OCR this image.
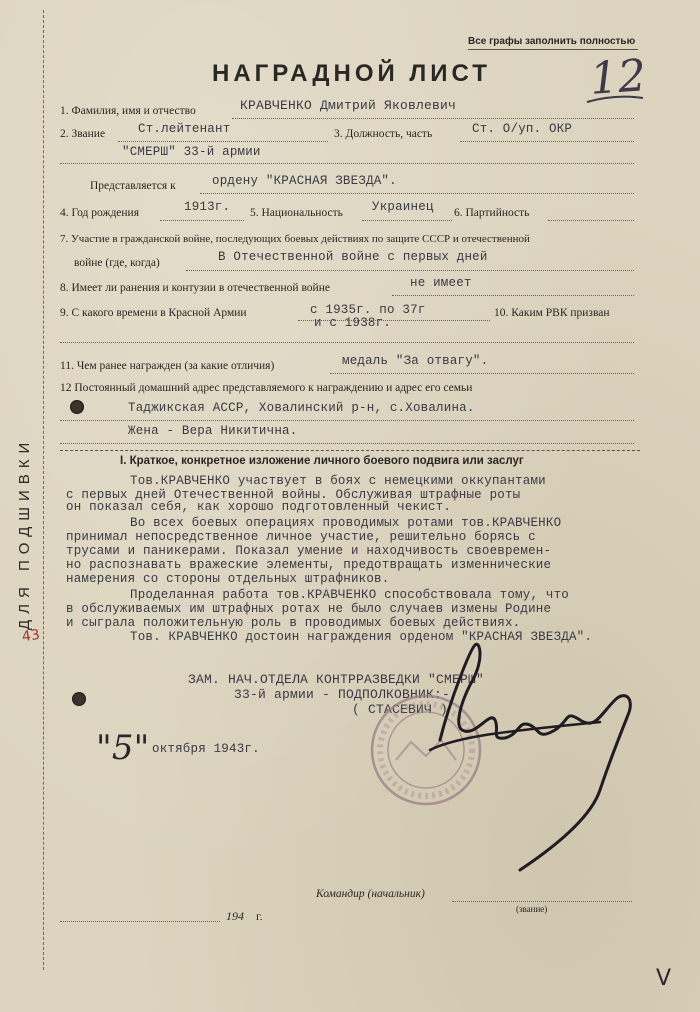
ДЛЯ ПОДШИВКИ
43
Все графы заполнить полностью
НАГРАДНОЙ ЛИСТ 12
1. Фамилия, имя и отчество	КРАВЧЕНКО Дмитрий Яковлевич
2. Звание	Ст.лейтенант	3. Должность, часть	Ст. О/уп. ОКР
"СМЕРШ" 33-й армии
Представляется к	ордену "КРАСНАЯ ЗВЕЗДА".
4. Год рождения	1913г. 5. Национальность Украинец 6. Партийность
7. Участие в гражданской войне, последующих боевых действиях по защите СССР и отечественной
войне (где, когда)	В Отечественной войне с первых дней
8. Имеет ли ранения и контузии в отечественной войне	не имеет
9. С какого времени в Красной Армии	с 1935г. по 37г
и с 1938г.
10. Каким РВК призван
11. Чем ранее награжден (за какие отличия)	медаль "За отвагу".
12 Постоянный домашний адрес представляемого к награждению и адрес его семьи
Таджикская АССР, Ховалинский р-н, с.Ховалина.
Жена - Вера Никитична.
I. Краткое, конкретное изложение личного боевого подвига или заслуг
Тов.КРАВЧЕНКО участвует в боях с немецкими оккупантами
с первых дней Отечественной войны. Обслуживая штрафные роты
он показал себя, как хорошо подготовленный чекист.
Во всех боевых операциях проводимых ротами тов.КРАВЧЕНКО
принимал непосредственное личное участие, решительно борясь с
трусами и паникерами. Показал умение и находчивость своевремен-
но распознавать вражеские элементы, предотвращать изменнические
намерения со стороны отдельных штрафников.
Проделанная работа тов.КРАВЧЕНКО способствовала тому, что
в обслуживаемых им штрафных ротах не было случаев измены Родине
и сыграла положительную роль в проводимых боевых действиях.
Тов. КРАВЧЕНКО достоин награждения орденом "КРАСНАЯ ЗВЕЗДА".
ЗАМ. НАЧ.ОТДЕЛА КОНТРРАЗВЕДКИ "СМЕРШ"
33-й армии - ПОДПОЛКОВНИК:-
( СТАСЕВИЧ )
"5" октября 1943г.
Командир (начальник)
(звание)
194 г.
V
